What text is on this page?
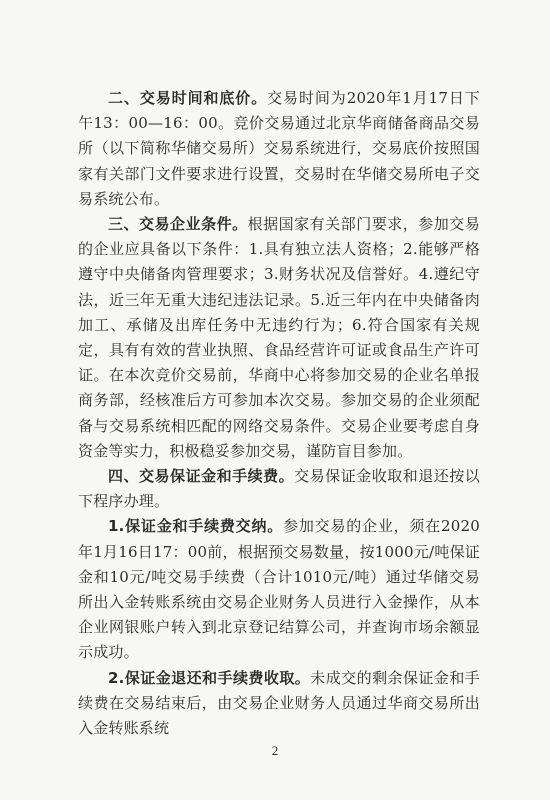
二、交易时间和底价。交易时间为2020年1月17日下午13：00—16：00。竞价交易通过北京华商储备商品交易所（以下简称华储交易所）交易系统进行，交易底价按照国家有关部门文件要求进行设置，交易时在华储交易所电子交易系统公布。

三、交易企业条件。根据国家有关部门要求，参加交易的企业应具备以下条件：1.具有独立法人资格；2.能够严格遵守中央储备肉管理要求；3.财务状况及信誉好。4.遵纪守法，近三年无重大违纪违法记录。5.近三年内在中央储备肉加工、承储及出库任务中无违约行为；6.符合国家有关规定，具有有效的营业执照、食品经营许可证或食品生产许可证。在本次竞价交易前，华商中心将参加交易的企业名单报商务部，经核准后方可参加本次交易。参加交易的企业须配备与交易系统相匹配的网络交易条件。交易企业要考虑自身资金等实力，积极稳妥参加交易，谨防盲目参加。

四、交易保证金和手续费。交易保证金收取和退还按以下程序办理。

1.保证金和手续费交纳。参加交易的企业，须在2020年1月16日17：00前，根据预交易数量，按1000元/吨保证金和10元/吨交易手续费（合计1010元/吨）通过华储交易所出入金转账系统由交易企业财务人员进行入金操作，从本企业网银账户转入到北京登记结算公司，并查询市场余额显示成功。

2.保证金退还和手续费收取。未成交的剩余保证金和手续费在交易结束后，由交易企业财务人员通过华商交易所出入金转账系统

2
